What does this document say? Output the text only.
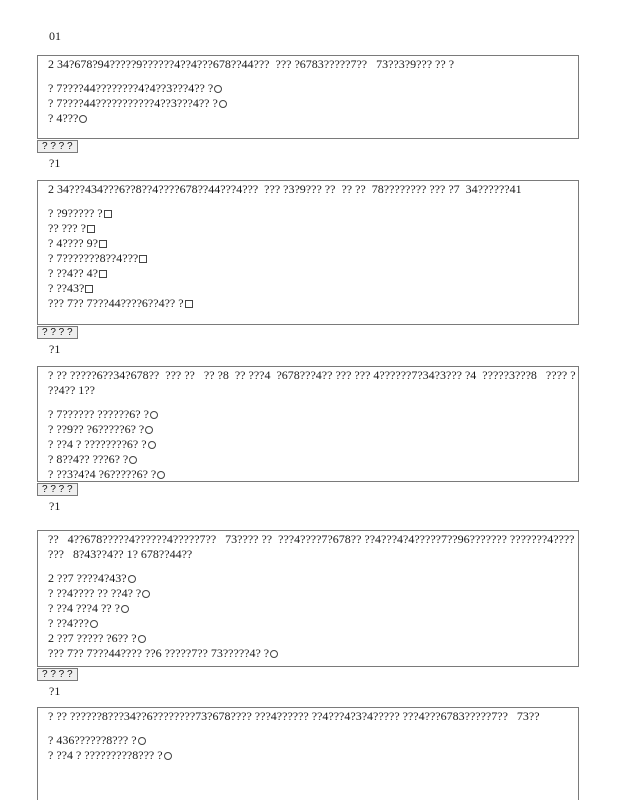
01
2 34?678?94?????9??????4??4???678??44???  ??? ?6783?????7??   73??3?9??? ?? ?
? 7????44????????4?4??3???4?? ?
? 7????44???????????4??3???4?? ?
? 4???
? ? ? ?
?1
2 34???434???6??8??4????678??44???4???  ??? ?3?9??? ??  ?? ??  78???????? ??? ?7  34??????41
? ?9????? ?
?? ??? ?
? 4???? 9?
? 7???????8??4???
? ??4?? 4?
? ??43?
??? 7?? 7???44????6??4?? ?
? ? ? ?
?1
? ?? ?????6??34?678??  ??? ??   ?? ?8  ?? ???4  ?678???4?? ??? ??? 4??????7?34?3??? ?4  ?????3???8   ???? ? ??4?? 1??
? 7?????? ??????6? ?
? ??9?? ?6?????6? ?
? ??4 ? ????????6? ?
? 8??4?? ???6? ?
? ??3?4?4 ?6?????6? ?
? ? ? ?
?1
??   4??678?????4??????4?????7??   73???? ??  ???4????7?678?? ??4???4?4?????7??96??????? ???????4????  ???   8?43??4?? 1? 678??44??
2 ??7 ????4?43?
? ??4???? ?? ??4? ?
? ??4 ???4 ?? ?
? ??4???
2 ??7 ????? ?6?? ?
??? 7?? 7???44???? ??6 ?????7?? 73?????4? ?
? ? ? ?
?1
? ?? ??????8???34??6????????73?678???? ???4?????? ??4???4?3?4????? ???4???6783?????7??   73??
? 436??????8??? ?
? ??4 ? ?????????8??? ?
